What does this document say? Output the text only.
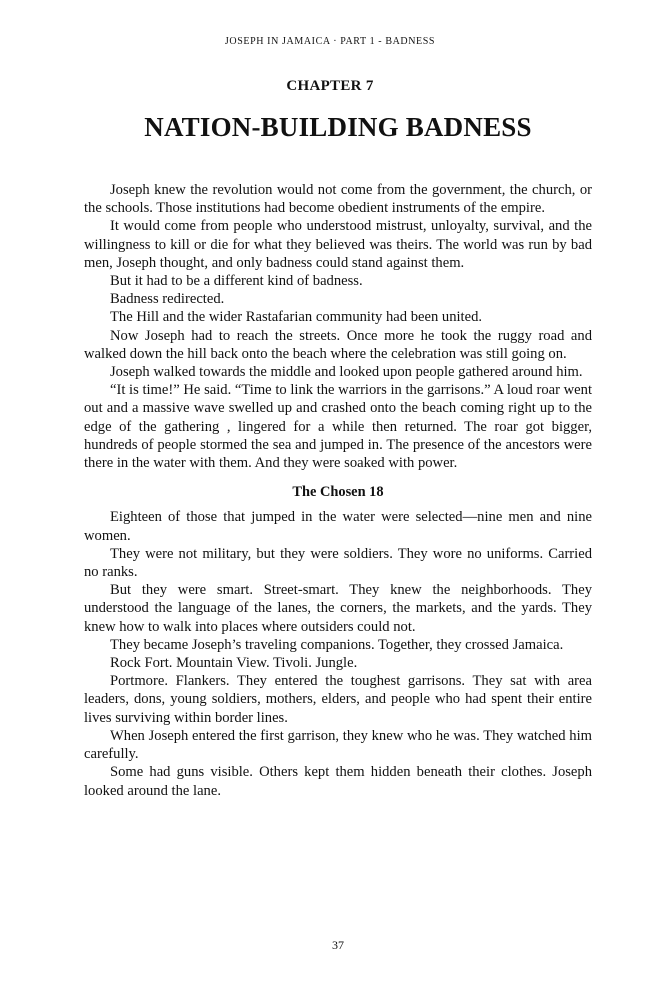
JOSEPH IN JAMAICA · PART 1 - BADNESS
CHAPTER 7
NATION-BUILDING BADNESS

Joseph knew the revolution would not come from the government, the church, or the schools. Those institutions had become obedient instruments of the empire.

It would come from people who understood mistrust, unloyalty, survival, and the willingness to kill or die for what they believed was theirs. The world was run by bad men, Joseph thought, and only badness could stand against them.

But it had to be a different kind of badness.

Badness redirected.

The Hill and the wider Rastafarian community had been united.

Now Joseph had to reach the streets. Once more he took the ruggy road and walked down the hill back onto the beach where the celebration was still going on.

Joseph walked towards the middle and looked upon people gathered around him.

“It is time!” He said. “Time to link the warriors in the garrisons.” A loud roar went out and a massive wave swelled up and crashed onto the beach coming right up to the edge of the gathering , lingered for a while then returned. The roar got bigger, hundreds of people stormed the sea and jumped in. The presence of the ancestors were there in the water with them. And they were soaked with power.

The Chosen 18

Eighteen of those that jumped in the water were selected—nine men and nine women.

They were not military, but they were soldiers. They wore no uniforms. Carried no ranks.

But they were smart. Street-smart. They knew the neighborhoods. They understood the language of the lanes, the corners, the markets, and the yards. They knew how to walk into places where outsiders could not.

They became Joseph’s traveling companions. Together, they crossed Jamaica.

Rock Fort. Mountain View. Tivoli. Jungle.

Portmore. Flankers. They entered the toughest garrisons. They sat with area leaders, dons, young soldiers, mothers, elders, and people who had spent their entire lives surviving within border lines.

When Joseph entered the first garrison, they knew who he was. They watched him carefully.

Some had guns visible. Others kept them hidden beneath their clothes. Joseph looked around the lane.

37
